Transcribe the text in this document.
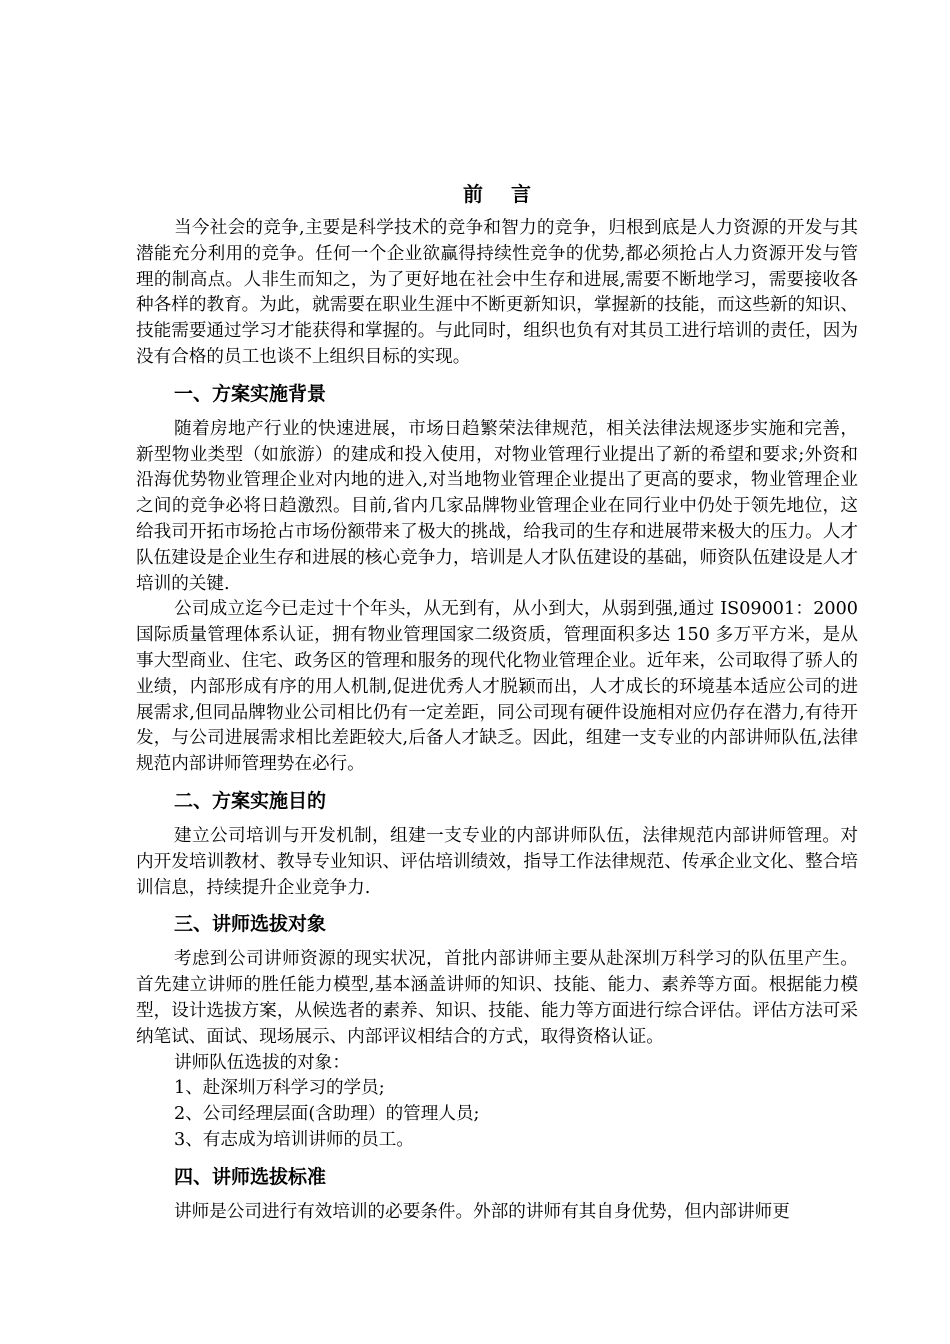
前 言

当今社会的竞争,主要是科学技术的竞争和智力的竞争，归根到底是人力资源的开发与其潜能充分利用的竞争。任何一个企业欲赢得持续性竞争的优势,都必须抢占人力资源开发与管理的制高点。人非生而知之，为了更好地在社会中生存和进展,需要不断地学习，需要接收各种各样的教育。为此，就需要在职业生涯中不断更新知识，掌握新的技能，而这些新的知识、技能需要通过学习才能获得和掌握的。与此同时，组织也负有对其员工进行培训的责任，因为没有合格的员工也谈不上组织目标的实现。

一、方案实施背景

随着房地产行业的快速进展，市场日趋繁荣法律规范，相关法律法规逐步实施和完善，新型物业类型（如旅游）的建成和投入使用，对物业管理行业提出了新的希望和要求;外资和沿海优势物业管理企业对内地的进入,对当地物业管理企业提出了更高的要求，物业管理企业之间的竞争必将日趋激烈。目前,省内几家品牌物业管理企业在同行业中仍处于领先地位，这给我司开拓市场抢占市场份额带来了极大的挑战，给我司的生存和进展带来极大的压力。人才队伍建设是企业生存和进展的核心竞争力，培训是人才队伍建设的基础，师资队伍建设是人才培训的关键.

公司成立迄今已走过十个年头，从无到有，从小到大，从弱到强,通过 IS09001：2000 国际质量管理体系认证，拥有物业管理国家二级资质，管理面积多达 150 多万平方米，是从事大型商业、住宅、政务区的管理和服务的现代化物业管理企业。近年来，公司取得了骄人的业绩，内部形成有序的用人机制,促进优秀人才脱颖而出，人才成长的环境基本适应公司的进展需求,但同品牌物业公司相比仍有一定差距，同公司现有硬件设施相对应仍存在潜力,有待开发，与公司进展需求相比差距较大,后备人才缺乏。因此，组建一支专业的内部讲师队伍,法律规范内部讲师管理势在必行。

二、方案实施目的

建立公司培训与开发机制，组建一支专业的内部讲师队伍，法律规范内部讲师管理。对内开发培训教材、教导专业知识、评估培训绩效，指导工作法律规范、传承企业文化、整合培训信息，持续提升企业竞争力.

三、讲师选拔对象

考虑到公司讲师资源的现实状况，首批内部讲师主要从赴深圳万科学习的队伍里产生。首先建立讲师的胜任能力模型,基本涵盖讲师的知识、技能、能力、素养等方面。根据能力模型，设计选拔方案，从候选者的素养、知识、技能、能力等方面进行综合评估。评估方法可采纳笔试、面试、现场展示、内部评议相结合的方式，取得资格认证。

讲师队伍选拔的对象：
1、赴深圳万科学习的学员;
2、公司经理层面(含助理）的管理人员;
3、有志成为培训讲师的员工。
四、讲师选拔标准

讲师是公司进行有效培训的必要条件。外部的讲师有其自身优势，但内部讲师更
